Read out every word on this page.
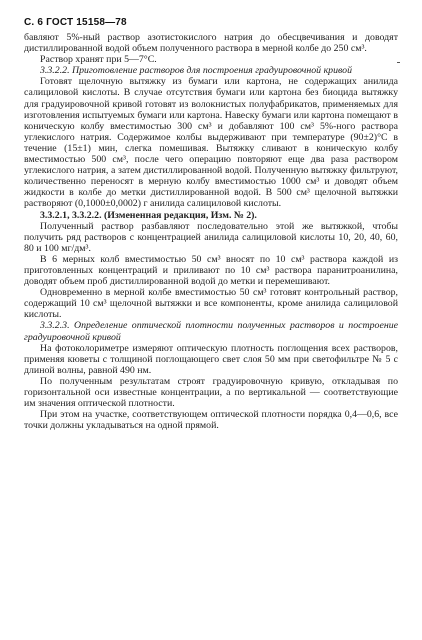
С. 6 ГОСТ 15158—78

бавляют 5%-ный раствор азотистокислого натрия до обесцвечивания и доводят дистиллированной водой объем полученного раствора в мерной колбе до 250 см³.

Раствор хранят при 5—7°С.

3.3.2.2. Приготовление растворов для построения градуировочной кривой

Готовят щелочную вытяжку из бумаги или картона, не содержащих анилида салициловой кислоты. В случае отсутствия бумаги или картона без биоцида вытяжку для градуировочной кривой готовят из волокнистых полуфабрикатов, применяемых для изготовления испытуемых бумаги или картона. Навеску бумаги или картона помещают в коническую колбу вместимостью 300 см³ и добавляют 100 см³ 5%-ного раствора углекислого натрия. Содержимое колбы выдерживают при температуре (90±2)°С в течение (15±1) мин, слегка помешивая. Вытяжку сливают в коническую колбу вместимостью 500 см³, после чего операцию повторяют еще два раза раствором углекислого натрия, а затем дистиллированной водой. Полученную вытяжку фильтруют, количественно переносят в мерную колбу вместимостью 1000 см³ и доводят объем жидкости в колбе до метки дистиллированной водой. В 500 см³ щелочной вытяжки растворяют (0,1000±0,0002) г анилида салициловой кислоты.

3.3.2.1, 3.3.2.2. (Измененная редакция, Изм. № 2).

Полученный раствор разбавляют последовательно этой же вытяжкой, чтобы получить ряд растворов с концентрацией анилида салициловой кислоты 10, 20, 40, 60, 80 и 100 мг/дм³.

В 6 мерных колб вместимостью 50 см³ вносят по 10 см³ раствора каждой из приготовленных концентраций и приливают по 10 см³ раствора паранитроанилина, доводят объем проб дистиллированной водой до метки и перемешивают.

Одновременно в мерной колбе вместимостью 50 см³ готовят контрольный раствор, содержащий 10 см³ щелочной вытяжки и все компоненты, кроме анилида салициловой кислоты.

3.3.2.3. Определение оптической плотности полученных растворов и построение градуировочной кривой

На фотоколориметре измеряют оптическую плотность поглощения всех растворов, применяя кюветы с толщиной поглощающего свет слоя 50 мм при светофильтре № 5 с длиной волны, равной 490 нм.

По полученным результатам строят градуировочную кривую, откладывая по горизонтальной оси известные концентрации, а по вертикальной — соответствующие им значения оптической плотности.

При этом на участке, соответствующем оптической плотности порядка 0,4—0,6, все точки должны укладываться на одной прямой.
